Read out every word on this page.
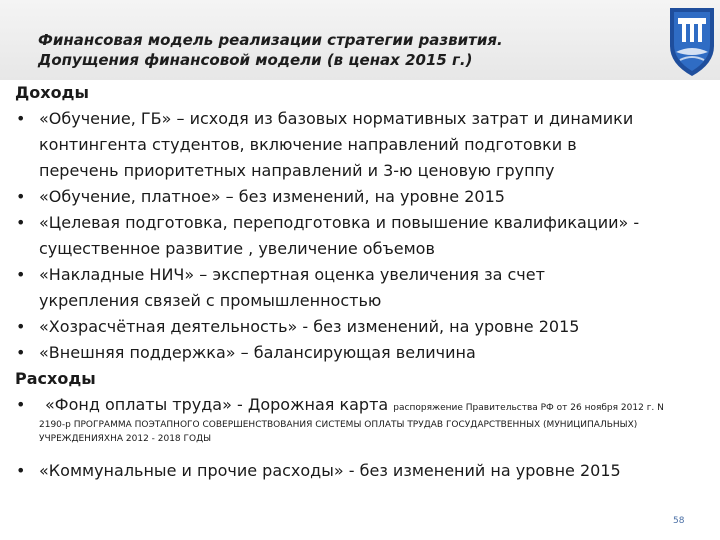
Финансовая модель реализации стратегии развития.
Допущения финансовой модели (в ценах 2015 г.)
Доходы
• «Обучение, ГБ» – исходя из базовых нормативных затрат и динамики
контингента студентов, включение направлений подготовки в
перечень приоритетных направлений и 3-ю ценовую группу
• «Обучение, платное» – без изменений, на уровне 2015
• «Целевая подготовка, переподготовка и повышение квалификации» -
существенное развитие , увеличение объемов
• «Накладные НИЧ» – экспертная оценка увеличения за счет
укрепления связей с промышленностью
• «Хозрасчётная деятельность» - без изменений, на уровне 2015
• «Внешняя поддержка» – балансирующая величина
Расходы
• «Фонд оплаты труда» - Дорожная карта распоряжение Правительства РФ от 26 ноября 2012 г. N
2190-р ПРОГРАММА ПОЭТАПНОГО СОВЕРШЕНСТВОВАНИЯ СИСТЕМЫ ОПЛАТЫ ТРУДАВ ГОСУДАРСТВЕННЫХ (МУНИЦИПАЛЬНЫХ)
УЧРЕЖДЕНИЯХНА 2012 - 2018 ГОДЫ
• «Коммунальные и прочие расходы» - без изменений на уровне 2015
58
